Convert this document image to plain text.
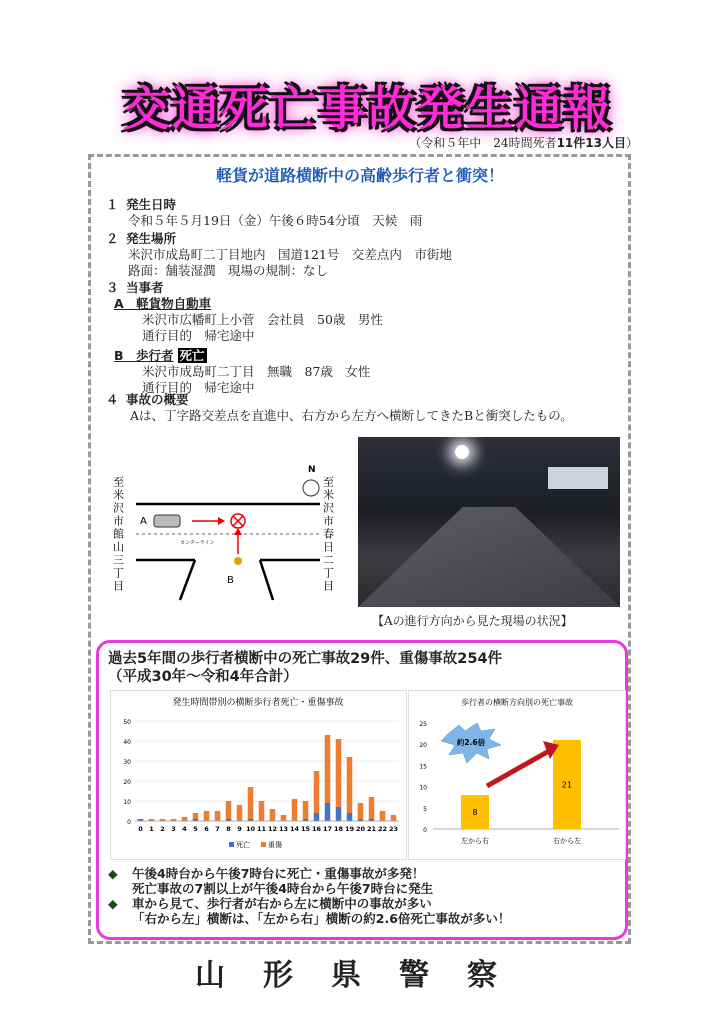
交通死亡事故発生通報
（令和５年中　24時間死者11件13人目）
軽貨が道路横断中の高齢歩行者と衝突！
１ 発生日時
令和５年５月19日（金）午後６時54分頃　天候　雨
２ 発生場所
米沢市成島町二丁目地内　国道121号　交差点内　市街地
路面：舗装湿潤　現場の規制：なし
３ 当事者
A　軽貨物自動車
米沢市広幡町上小菅　会社員　50歳　男性
通行目的　帰宅途中
B　歩行者 死亡
米沢市成島町二丁目　無職　87歳　女性
通行目的　帰宅途中
４ 事故の概要
Aは、丁字路交差点を直進中、右方から左方へ横断してきたBと衝突したもの。
至米沢市館山三丁目	至米沢市春日二丁目
センターライン
N
A
B
【Aの進行方向から見た現場の状況】
過去5年間の歩行者横断中の死亡事故29件、重傷事故254件
（平成30年～令和4年合計）
発生時間帯別の横断歩行者死亡・重傷事故
0
10
20
30
40
50
0 1 2 3 4 5 6 7 8 9 10 11 12 13 14 15 16 17 18 19 20 21 22 23
死亡	重傷
歩行者の横断方向別の死亡事故
0
5
10
15
20
25
8
左から右
21
右から左
約2.6倍
◆	午後4時台から午後7時台に死亡・重傷事故が多発！
死亡事故の7割以上が午後4時台から午後7時台に発生
◆	車から見て、歩行者が右から左に横断中の事故が多い
「右から左」横断は、「左から右」横断の約2.6倍死亡事故が多い！
山形県警察
